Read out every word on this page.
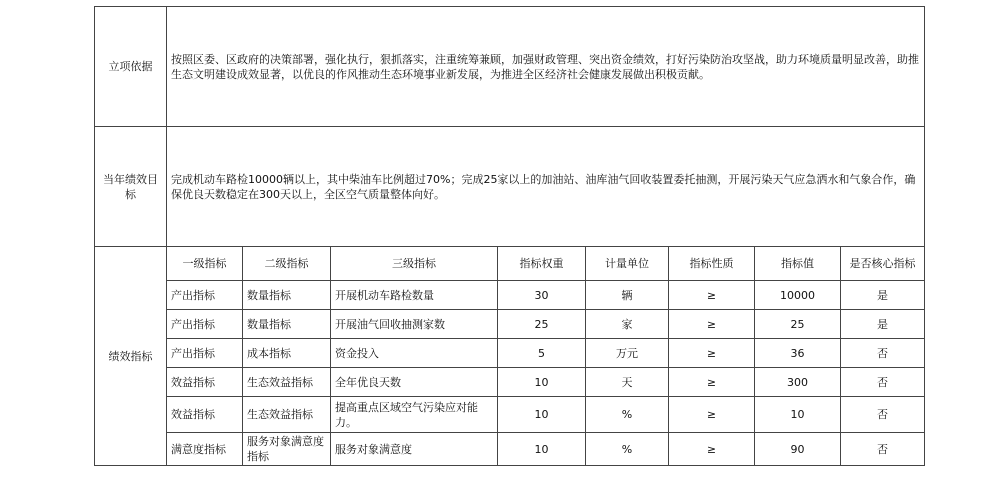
立项依据	按照区委、区政府的决策部署，强化执行，狠抓落实，注重统筹兼顾，加强财政管理、突出资金绩效，打好污染防治攻坚战，助力环境质量明显改善，助推生态文明建设成效显著，以优良的作风推动生态环境事业新发展，为推进全区经济社会健康发展做出积极贡献。							
当年绩效目标	完成机动车路检10000辆以上，其中柴油车比例超过70%；完成25家以上的加油站、油库油气回收装置委托抽测，开展污染天气应急洒水和气象合作，确保优良天数稳定在300天以上，全区空气质量整体向好。							
绩效指标	一级指标	二级指标	三级指标	指标权重	计量单位	指标性质	指标值	是否核心指标
	产出指标	数量指标	开展机动车路检数量	30	辆	≥	10000	是
	产出指标	数量指标	开展油气回收抽测家数	25	家	≥	25	是
	产出指标	成本指标	资金投入	5	万元	≥	36	否
	效益指标	生态效益指标	全年优良天数	10	天	≥	300	否
	效益指标	生态效益指标	提高重点区域空气污染应对能力。	10	%	≥	10	否
	满意度指标	服务对象满意度指标	服务对象满意度	10	%	≥	90	否
